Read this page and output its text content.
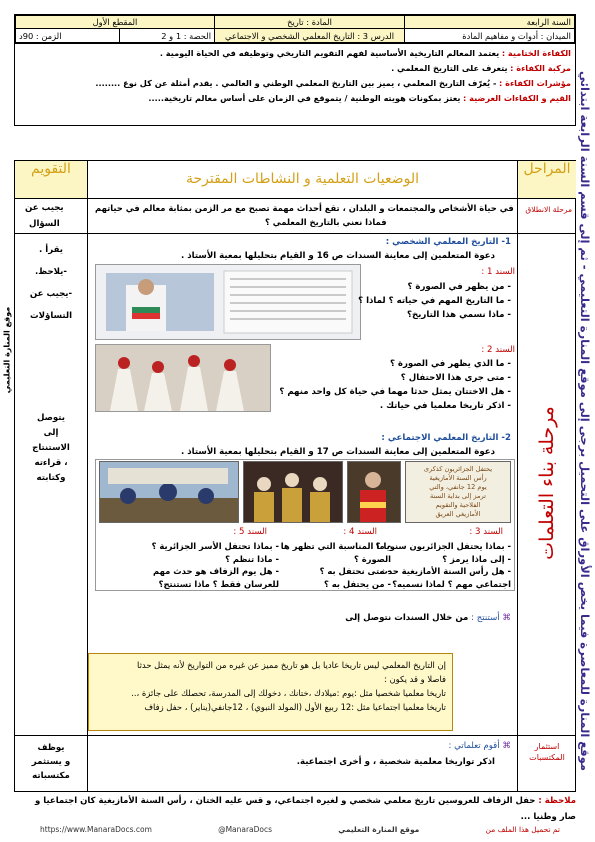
موقع المنارة للمعاصرة فيما يخص الأوراق على التحميل برجى إلى موقع المنارة التعليمي - ثم إلى قسم السنة الرابعة ابتدائي
موقع المنارة التعليمي
السنة الرابعة	المادة : تاريخ	المقطع الأول
الميدان : أدوات و مفاهيم المادة	الدرس 3 : التاريخ المعلمي الشخصي و الاجتماعي	
الحصة : 1 و 2	الزمن : 90د
الكفاءة الختامية : يعتمد المعالم التاريخية الأساسية لفهم التقويم التاريخي وتوظيفه في الحياة اليومية .
مركبة الكفاءة : يتعرف على التاريخ المعلمي .
مؤشرات الكفاءة : - يُعرّف التاريخ المعلمي ، يميز بين التاريخ المعلمي الوطني و العالمي . يقدم أمثلة عن كل نوع ........
القيم و الكفاءات العرضية : يعتز بمكونات هويته الوطنية / يتموقع في الزمان على أساس معالم تاريخية.....
المراحل
الوضعيات التعلمية و النشاطات المقترحة
التقويم
مرحلة الانطلاق
في حياة الأشخاص والمجتمعات و البلدان ، تقع أحداث مهمة تصبح مع مر الزمن بمثابة معالم في حياتهم
فماذا نعني بالتاريخ المعلمي ؟
يجيب عن
السؤال
مرحلة بناء التعلمات
يقرأ .
-يلاحظ.
-يجيب عن
التساؤلات
يتوصل
إلى
الاستنتاج
، قراءته
وكتابته
1- التاريخ المعلمي الشخصي :
دعوة المتعلمين إلى معاينة السندات ص 16 و القيام بتحليلها بمعية الأستاذ .
السند 1 :
- من يظهر في الصورة ؟
- ما التاريخ المهم في حياته ؟ لماذا ؟
- ماذا نسمي هذا التاريخ؟
السند 2 :
- ما الذي يظهر في الصورة ؟
- متى جرى هذا الاحتفال ؟
- هل الاختتان يمثل حدثا مهما في حياة كل واحد منهم ؟
- اذكر تاريخا معلميا في حياتك .
2- التاريخ المعلمي الاجتماعي :
دعوة المتعلمين إلى معاينة السندات ص 17 و القيام بتحليلها بمعية الأستاذ .
يحتفل الجزائريون كذكرى
رأس السنة الأمازيغية
يوم 12 جانفي، والتي
ترمز إلى بداية السنة
الفلاحية والتقويم
الأمازيغي العريق
السند 3 :
- بماذا يحتفل الجزائريون سنويا ؟
- إلى ماذا يرمز ؟
- هل رأس السنة الأمازيغية حدث
اجتماعي مهم ؟ لماذا نسميه؟
السند 4 :
- ما المناسبة التي تظهر ها
الصورة ؟
- متى نحتفل به ؟
- من يحتفل به ؟
السند 5 :
- بماذا تحتفل الأسر الجزائرية ؟
- ماذا تنظم ؟
- هل يوم الزفاف هو حدث مهم
للعرسان فقط ؟ ماذا تستنتج؟
⌘ أستنتج : من خلال السندات نتوصل إلى
إن التاريخ المعلمي ليس تاريخا عاديا بل هو تاريخ مميز عن غيره من التواريخ لأنه يمثل حدثا
فاصلا و قد يكون :
تاريخا معلميا شخصيا مثل :يوم :ميلادك ،ختانك ، دخولك إلى المدرسة، تحصلك على جائزة ،..
تاريخا معلميا اجتماعيا مثل :12 ربيع الأول (المولد النبوي) ، 12جانفي(يناير) ، حفل زفاف
استثمار المكتسبات
⌘ أقوم تعلماتي :
اذكر تواريخا معلمية شخصية ، و أخرى اجتماعية.
يوظف
و يستثمر
مكتسباته
ملاحظة : حفل الزفاف للعروسين تاريخ معلمي شخصي و لغيره اجتماعي، و قس عليه الختان ، رأس السنة الأمازيغية كان اجتماعيا و
صار وطنيا ...
https://www.ManaraDocs.com	@ManaraDocs	موقع المنارة التعليمي	تم تحميل هذا الملف من
